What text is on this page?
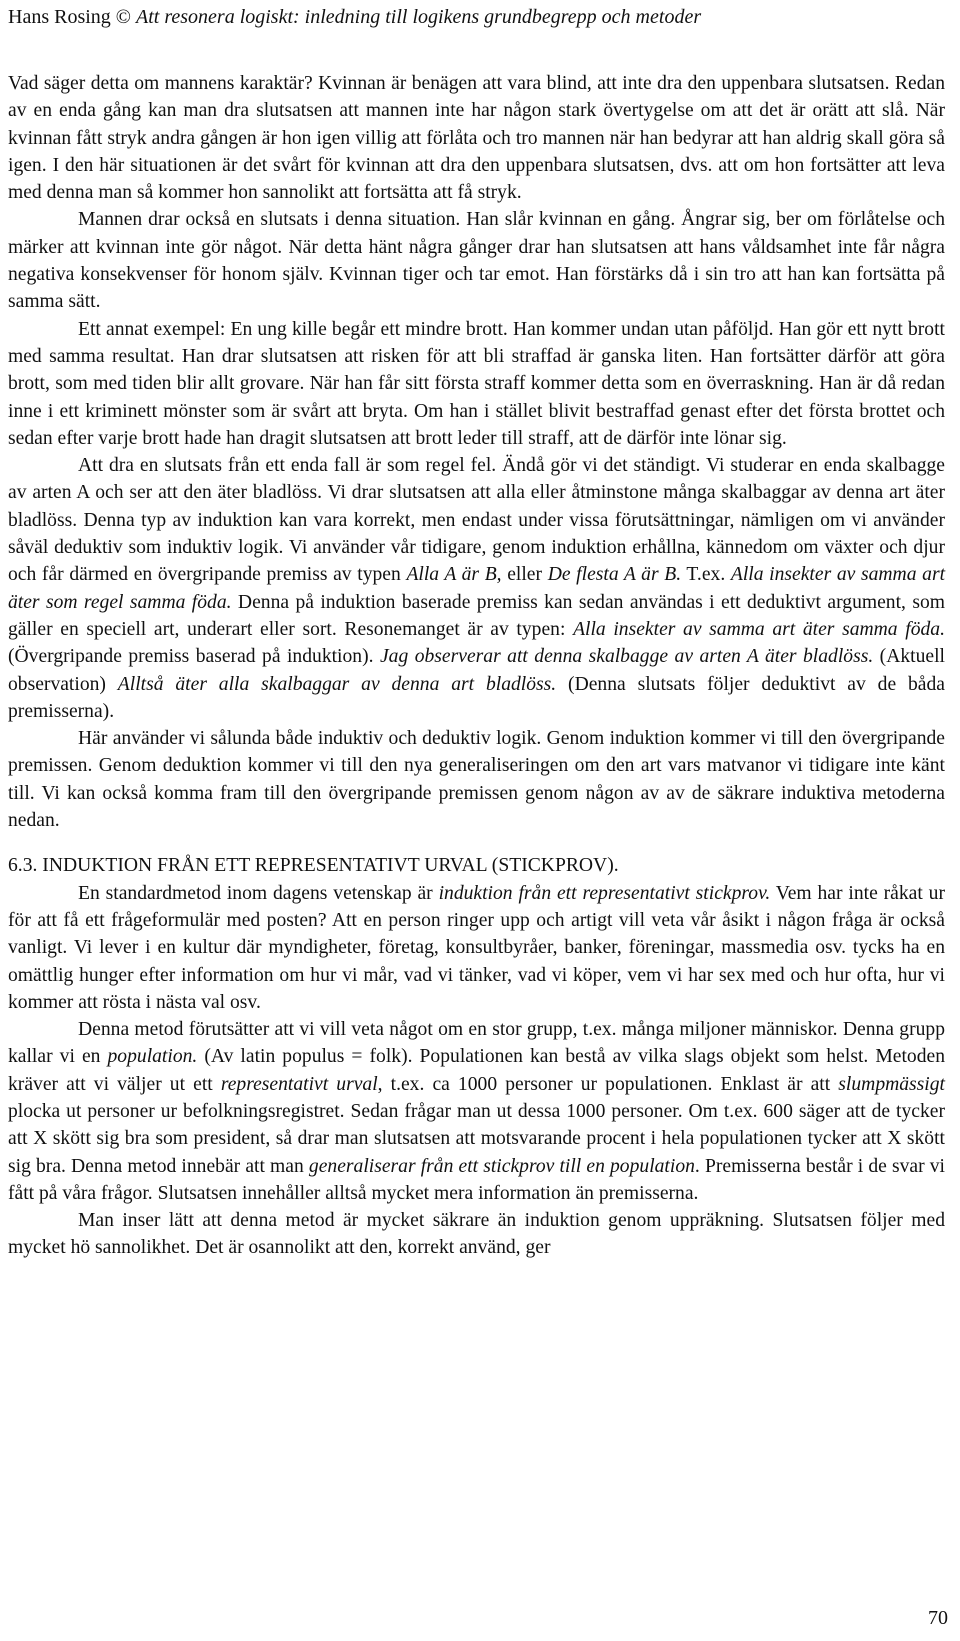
Hans Rosing © Att resonera logiskt: inledning till logikens grundbegrepp och metoder

Vad säger detta om mannens karaktär? Kvinnan är benägen att vara blind, att inte dra den uppenbara slutsatsen. Redan av en enda gång kan man dra slutsatsen att mannen inte har någon stark övertygelse om att det är orätt att slå. När kvinnan fått stryk andra gången är hon igen villig att förlåta och tro mannen när han bedyrar att han aldrig skall göra så igen. I den här situationen är det svårt för kvinnan att dra den uppenbara slutsatsen, dvs. att om hon fortsätter att leva med denna man så kommer hon sannolikt att fortsätta att få stryk.

Mannen drar också en slutsats i denna situation. Han slår kvinnan en gång. Ångrar sig, ber om förlåtelse och märker att kvinnan inte gör något. När detta hänt några gånger drar han slutsatsen att hans våldsamhet inte får några negativa konsekvenser för honom själv. Kvinnan tiger och tar emot. Han förstärks då i sin tro att han kan fortsätta på samma sätt.

Ett annat exempel: En ung kille begår ett mindre brott. Han kommer undan utan påföljd. Han gör ett nytt brott med samma resultat. Han drar slutsatsen att risken för att bli straffad är ganska liten. Han fortsätter därför att göra brott, som med tiden blir allt grovare. När han får sitt första straff kommer detta som en överraskning. Han är då redan inne i ett kriminett mönster som är svårt att bryta. Om han i stället blivit bestraffad genast efter det första brottet och sedan efter varje brott hade han dragit slutsatsen att brott leder till straff, att de därför inte lönar sig.

Att dra en slutsats från ett enda fall är som regel fel. Ändå gör vi det ständigt. Vi studerar en enda skalbagge av arten A och ser att den äter bladlöss. Vi drar slutsatsen att alla eller åtminstone många skalbaggar av denna art äter bladlöss. Denna typ av induktion kan vara korrekt, men endast under vissa förutsättningar, nämligen om vi använder såväl deduktiv som induktiv logik. Vi använder vår tidigare, genom induktion erhållna, kännedom om växter och djur och får därmed en övergripande premiss av typen Alla A är B, eller De flesta A är B. T.ex. Alla insekter av samma art äter som regel samma föda. Denna på induktion baserade premiss kan sedan användas i ett deduktivt argument, som gäller en speciell art, underart eller sort. Resonemanget är av typen: Alla insekter av samma art äter samma föda. (Övergripande premiss baserad på induktion). Jag observerar att denna skalbagge av arten A äter bladlöss. (Aktuell observation) Alltså äter alla skalbaggar av denna art bladlöss. (Denna slutsats följer deduktivt av de båda premisserna).

Här använder vi sålunda både induktiv och deduktiv logik. Genom induktion kommer vi till den övergripande premissen. Genom deduktion kommer vi till den nya generaliseringen om den art vars matvanor vi tidigare inte känt till. Vi kan också komma fram till den övergripande premissen genom någon av av de säkrare induktiva metoderna nedan.

6.3. INDUKTION FRÅN ETT REPRESENTATIVT URVAL (STICKPROV).

En standardmetod inom dagens vetenskap är induktion från ett representativt stickprov. Vem har inte råkat ur för att få ett frågeformulär med posten? Att en person ringer upp och artigt vill veta vår åsikt i någon fråga är också vanligt. Vi lever i en kultur där myndigheter, företag, konsultbyråer, banker, föreningar, massmedia osv. tycks ha en omättlig hunger efter information om hur vi mår, vad vi tänker, vad vi köper, vem vi har sex med och hur ofta, hur vi kommer att rösta i nästa val osv.

Denna metod förutsätter att vi vill veta något om en stor grupp, t.ex. många miljoner människor. Denna grupp kallar vi en population. (Av latin populus = folk). Populationen kan bestå av vilka slags objekt som helst. Metoden kräver att vi väljer ut ett representativt urval, t.ex. ca 1000 personer ur populationen. Enklast är att slumpmässigt plocka ut personer ur befolkningsregistret. Sedan frågar man ut dessa 1000 personer. Om t.ex. 600 säger att de tycker att X skött sig bra som president, så drar man slutsatsen att motsvarande procent i hela populationen tycker att X skött sig bra. Denna metod innebär att man generaliserar från ett stickprov till en population. Premisserna består i de svar vi fått på våra frågor. Slutsatsen innehåller alltså mycket mera information än premisserna.

Man inser lätt att denna metod är mycket säkrare än induktion genom uppräkning. Slutsatsen följer med mycket hö sannolikhet. Det är osannolikt att den, korrekt använd, ger

70
